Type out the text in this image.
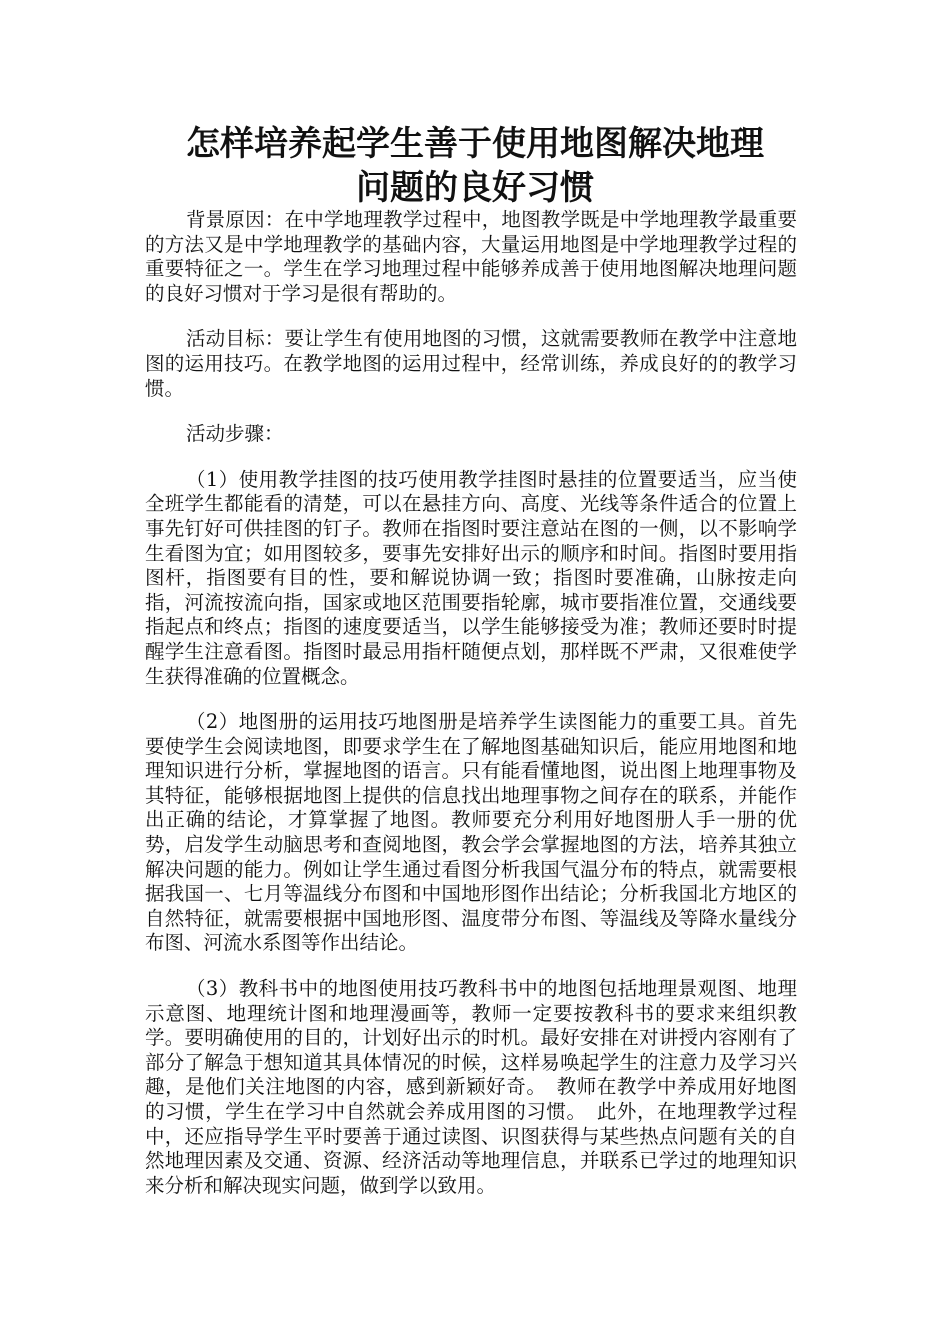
怎样培养起学生善于使用地图解决地理
问题的良好习惯

背景原因：在中学地理教学过程中，地图教学既是中学地理教学最重要的方法又是中学地理教学的基础内容，大量运用地图是中学地理教学过程的重要特征之一。学生在学习地理过程中能够养成善于使用地图解决地理问题的良好习惯对于学习是很有帮助的。

活动目标：要让学生有使用地图的习惯，这就需要教师在教学中注意地图的运用技巧。在教学地图的运用过程中，经常训练，养成良好的的教学习惯。

活动步骤：

（1）使用教学挂图的技巧使用教学挂图时悬挂的位置要适当，应当使全班学生都能看的清楚，可以在悬挂方向、高度、光线等条件适合的位置上事先钉好可供挂图的钉子。教师在指图时要注意站在图的一侧，以不影响学生看图为宜；如用图较多，要事先安排好出示的顺序和时间。指图时要用指图杆，指图要有目的性，要和解说协调一致；指图时要准确，山脉按走向指，河流按流向指，国家或地区范围要指轮廓，城市要指准位置，交通线要指起点和终点；指图的速度要适当，以学生能够接受为准；教师还要时时提醒学生注意看图。指图时最忌用指杆随便点划，那样既不严肃，又很难使学生获得准确的位置概念。

（2）地图册的运用技巧地图册是培养学生读图能力的重要工具。首先要使学生会阅读地图，即要求学生在了解地图基础知识后，能应用地图和地理知识进行分析，掌握地图的语言。只有能看懂地图，说出图上地理事物及其特征，能够根据地图上提供的信息找出地理事物之间存在的联系，并能作出正确的结论，才算掌握了地图。教师要充分利用好地图册人手一册的优势，启发学生动脑思考和查阅地图，教会学会掌握地图的方法，培养其独立解决问题的能力。例如让学生通过看图分析我国气温分布的特点，就需要根据我国一、七月等温线分布图和中国地形图作出结论；分析我国北方地区的自然特征，就需要根据中国地形图、温度带分布图、等温线及等降水量线分布图、河流水系图等作出结论。

（3）教科书中的地图使用技巧教科书中的地图包括地理景观图、地理示意图、地理统计图和地理漫画等，教师一定要按教科书的要求来组织教学。要明确使用的目的，计划好出示的时机。最好安排在对讲授内容刚有了部分了解急于想知道其具体情况的时候，这样易唤起学生的注意力及学习兴趣，是他们关注地图的内容，感到新颖好奇。　教师在教学中养成用好地图的习惯，学生在学习中自然就会养成用图的习惯。　此外，在地理教学过程中，还应指导学生平时要善于通过读图、识图获得与某些热点问题有关的自然地理因素及交通、资源、经济活动等地理信息，并联系已学过的地理知识来分析和解决现实问题，做到学以致用。
